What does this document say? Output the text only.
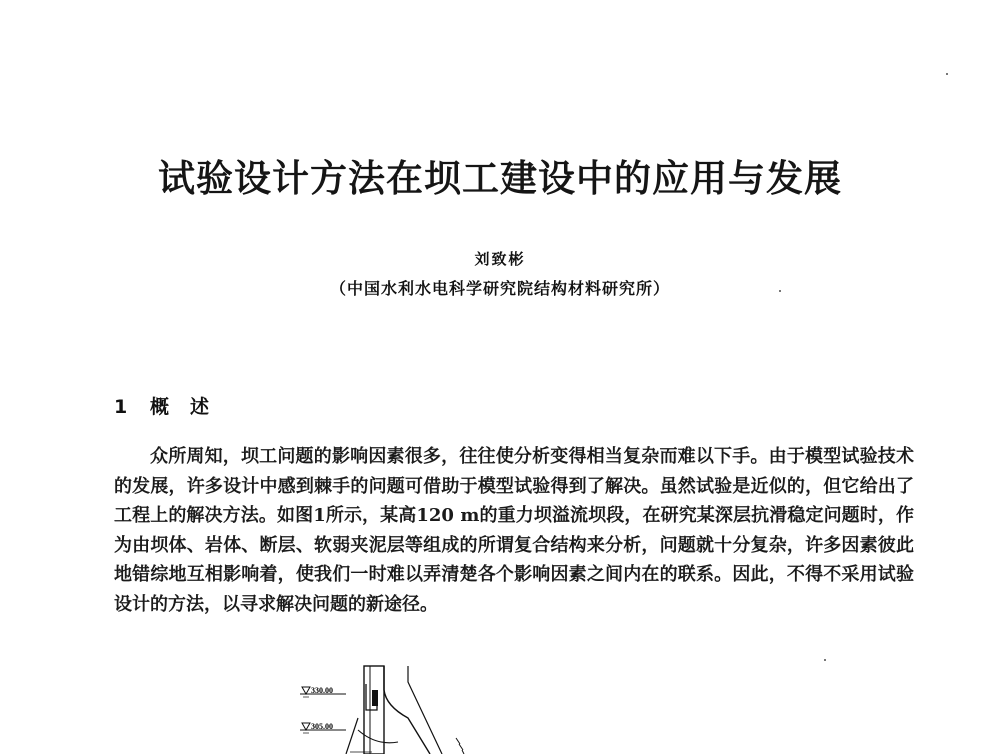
试验设计方法在坝工建设中的应用与发展
刘致彬
（中国水利水电科学研究院结构材料研究所）
1 概 述

众所周知，坝工问题的影响因素很多，往往使分析变得相当复杂而难以下手。由于模型试验技术的发展，许多设计中感到棘手的问题可借助于模型试验得到了解决。虽然试验是近似的，但它给出了工程上的解决方法。如图1所示，某高120 m的重力坝溢流坝段，在研究某深层抗滑稳定问题时，作为由坝体、岩体、断层、软弱夹泥层等组成的所谓复合结构来分析，问题就十分复杂，许多因素彼此地错综地互相影响着，使我们一时难以弄清楚各个影响因素之间内在的联系。因此，不得不采用试验设计的方法，以寻求解决问题的新途径。

330.00
305.00
